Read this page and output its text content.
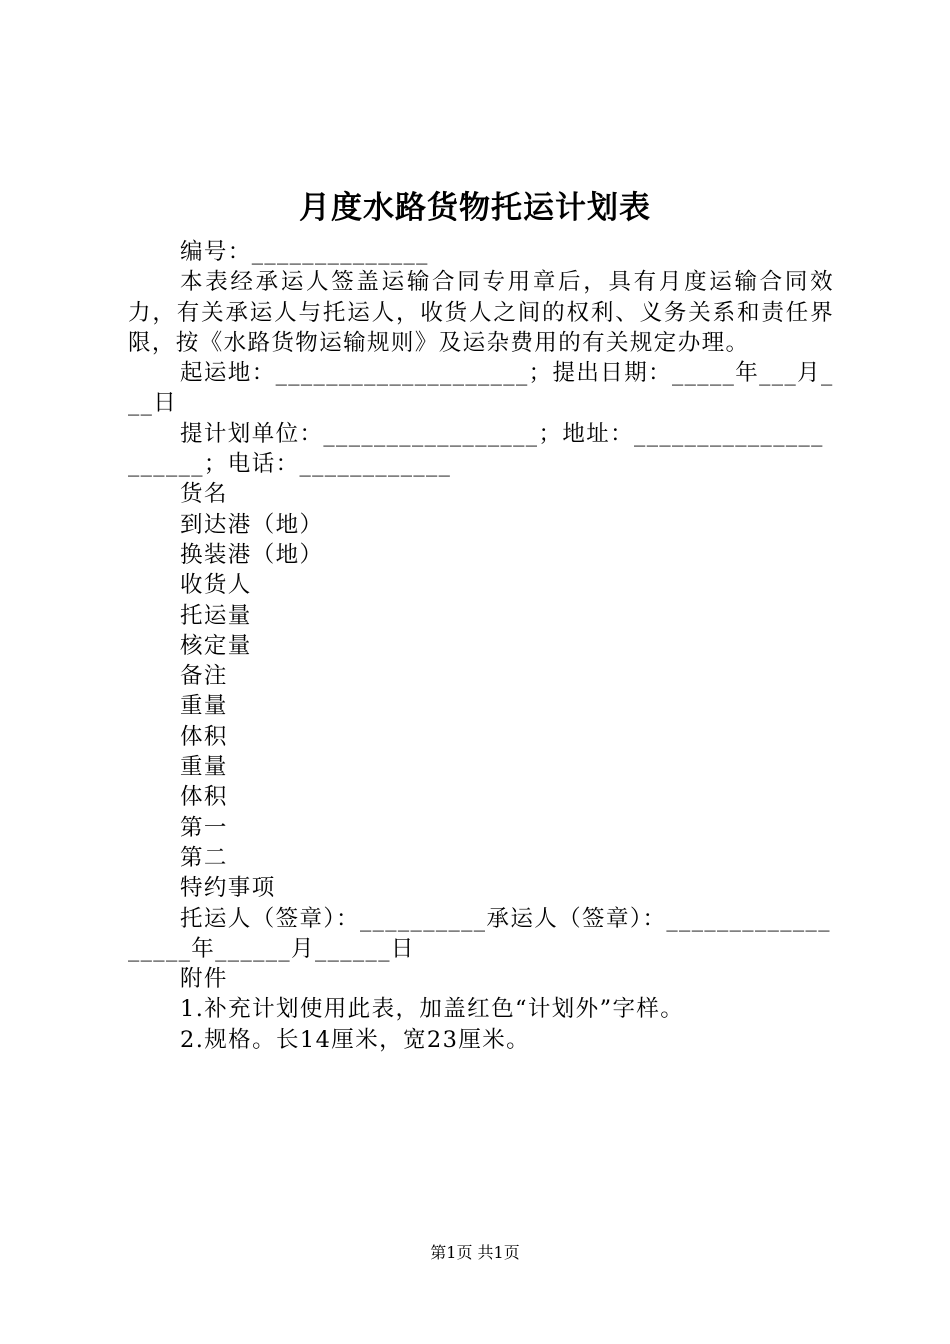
月度水路货物托运计划表

编号：______________

本表经承运人签盖运输合同专用章后，具有月度运输合同效力，有关承运人与托运人，收货人之间的权利、义务关系和责任界限，按《水路货物运输规则》及运杂费用的有关规定办理。

起运地：____________________；提出日期：_____年___月___日

提计划单位：_________________；地址：_____________________；电话：____________

货名

到达港（地）

换装港（地）

收货人

托运量

核定量

备注

重量

体积

重量

体积

第一

第二

特约事项

托运人（签章）：__________承运人（签章）：__________________年______月______日

附件

1.补充计划使用此表，加盖红色“计划外”字样。

2.规格。长14厘米，宽23厘米。

第1页 共1页
